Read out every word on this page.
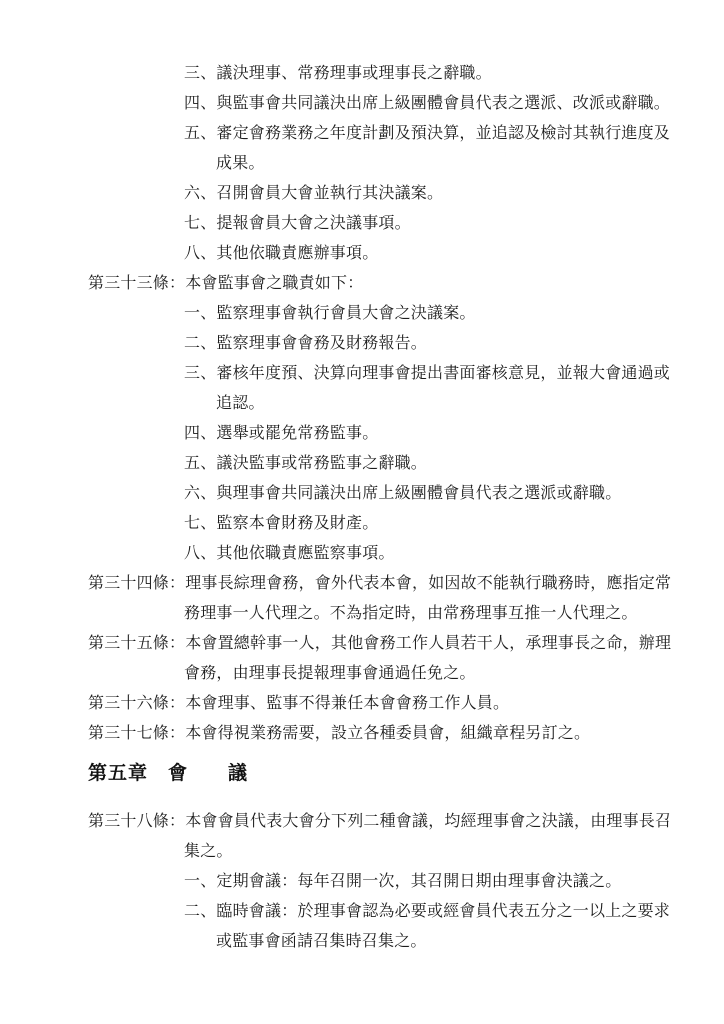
三、議決理事、常務理事或理事長之辭職。
四、與監事會共同議決出席上級團體會員代表之選派、改派或辭職。
五、審定會務業務之年度計劃及預決算，並追認及檢討其執行進度及
成果。
六、召開會員大會並執行其決議案。
七、提報會員大會之決議事項。
八、其他依職責應辦事項。
第三十三條：本會監事會之職責如下：
一、監察理事會執行會員大會之決議案。
二、監察理事會會務及財務報告。
三、審核年度預、決算向理事會提出書面審核意見，並報大會通過或
追認。
四、選舉或罷免常務監事。
五、議決監事或常務監事之辭職。
六、與理事會共同議決出席上級團體會員代表之選派或辭職。
七、監察本會財務及財產。
八、其他依職責應監察事項。
第三十四條：理事長綜理會務，會外代表本會，如因故不能執行職務時，應指定常
務理事一人代理之。不為指定時，由常務理事互推一人代理之。
第三十五條：本會置總幹事一人，其他會務工作人員若干人，承理事長之命，辦理
會務，由理事長提報理事會通過任免之。
第三十六條：本會理事、監事不得兼任本會會務工作人員。
第三十七條：本會得視業務需要，設立各種委員會，組織章程另訂之。
第五章　會　　議
第三十八條：本會會員代表大會分下列二種會議，均經理事會之決議，由理事長召
集之。
一、定期會議：每年召開一次，其召開日期由理事會決議之。
二、臨時會議：於理事會認為必要或經會員代表五分之一以上之要求
或監事會函請召集時召集之。
